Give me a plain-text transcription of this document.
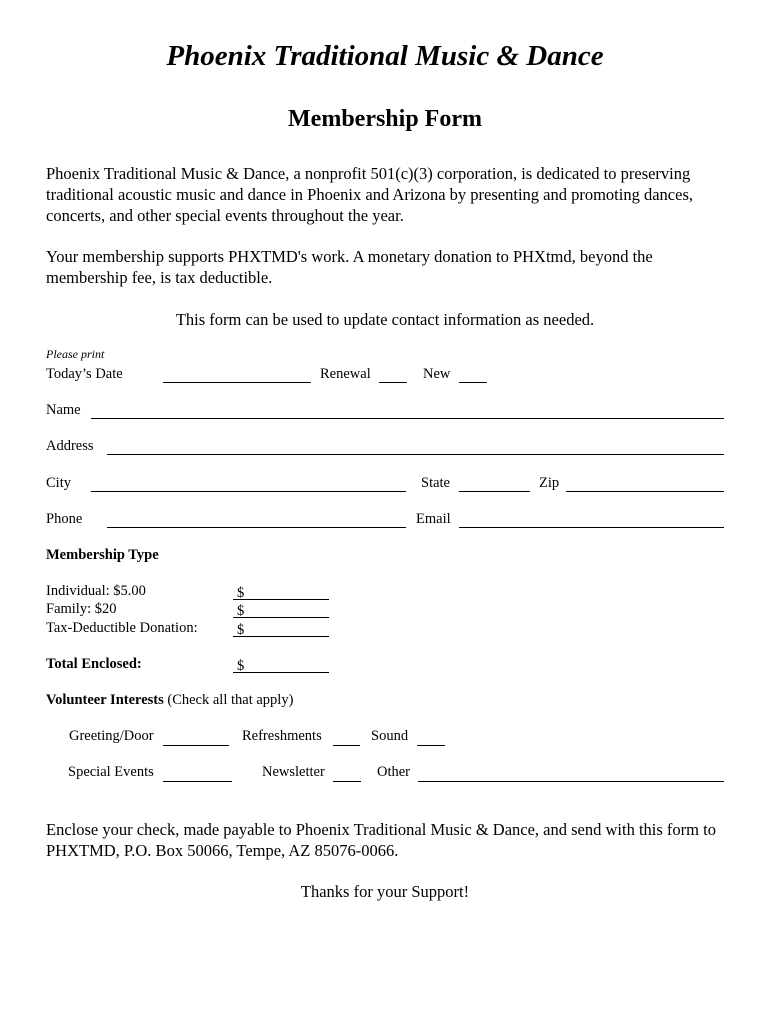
Phoenix Traditional Music & Dance
Membership Form
Phoenix Traditional Music & Dance, a nonprofit 501(c)(3) corporation, is dedicated to preserving traditional acoustic music and dance in Phoenix and Arizona by presenting and promoting dances, concerts, and other special events throughout the year.
Your membership supports PHXTMD's work. A monetary donation to PHXtmd, beyond the membership fee, is tax deductible.
This form can be used to update contact information as needed.
Please print
Today’s Date	Renewal	New
Name
Address
City	State	Zip
Phone	Email
Membership Type
Individual: $5.00	$
Family: $20	$
Tax-Deductible Donation:	$
Total Enclosed:	$
Volunteer Interests (Check all that apply)
Greeting/Door	Refreshments	Sound
Special Events	Newsletter	Other
Enclose your check, made payable to Phoenix Traditional Music & Dance, and send with this form to PHXTMD, P.O. Box 50066, Tempe, AZ 85076-0066.
Thanks for your Support!
